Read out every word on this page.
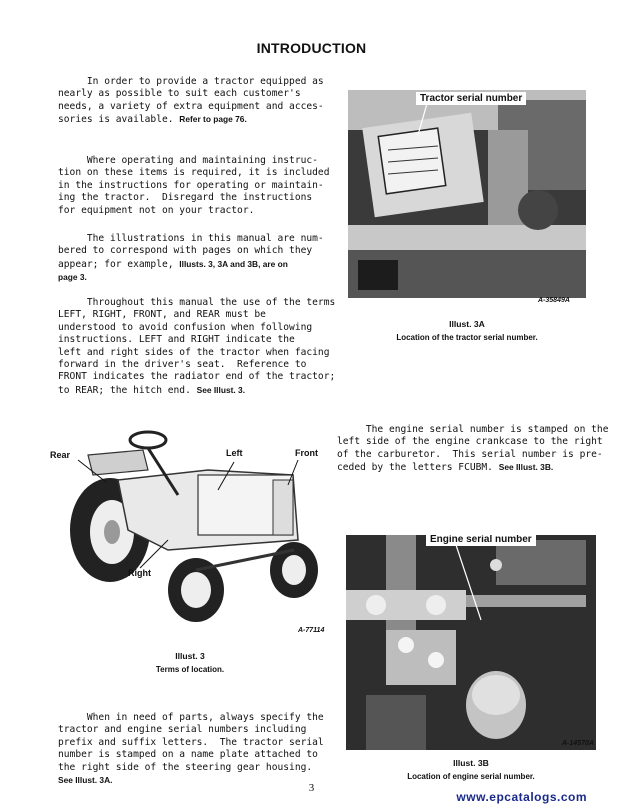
INTRODUCTION
In order to provide a tractor equipped as
nearly as possible to suit each customer's
needs, a variety of extra equipment and acces-
sories is available. Refer to page 76.
Where operating and maintaining instruc-
tion on these items is required, it is included
in the instructions for operating or maintain-
ing the tractor.  Disregard the instructions
for equipment not on your tractor.
The illustrations in this manual are num-
bered to correspond with pages on which they
appear; for example, Illusts. 3, 3A and 3B, are on
page 3.
Throughout this manual the use of the terms
LEFT, RIGHT, FRONT, and REAR must be
understood to avoid confusion when following
instructions. LEFT and RIGHT indicate the
left and right sides of the tractor when facing
forward in the driver's seat.  Reference to
FRONT indicates the radiator end of the tractor;
to REAR; the hitch end. See Illust. 3.
Tractor serial number
A-35849A
Illust. 3A
Location of the tractor serial number.
Rear	Left	Front
Right
A-77114
Illust. 3
Terms of location.
The engine serial number is stamped on the
left side of the engine crankcase to the right
of the carburetor.  This serial number is pre-
ceded by the letters FCUBM. See Illust. 3B.
Engine serial number
A-14570A
Illust. 3B
Location of engine serial number.
When in need of parts, always specify the
tractor and engine serial numbers including
prefix and suffix letters.  The tractor serial
number is stamped on a name plate attached to
the right side of the steering gear housing.
See Illust. 3A.
3
www.epcatalogs.com
